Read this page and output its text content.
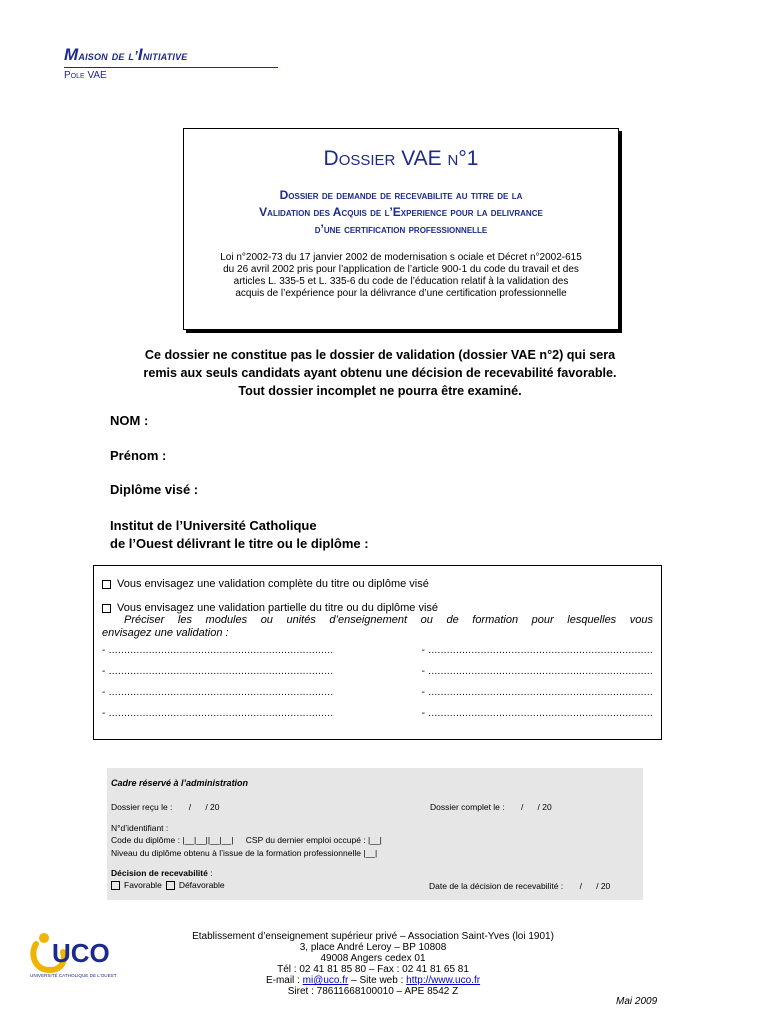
Maison de l’Initiative
Pole VAE
Dossier VAE n°1
Dossier de demande de recevabilite au titre de la
Validation des Acquis de l’Experience pour la delivrance
d’une certification professionnelle
Loi n°2002-73 du 17 janvier 2002 de modernisation s ociale et Décret n°2002-615
du 26 avril 2002 pris pour l’application de l’article 900-1 du code du travail et des
articles L. 335-5 et L. 335-6 du code de l’éducation relatif à la validation des
acquis de l’expérience pour la délivrance d’une certification professionnelle
Ce dossier ne constitue pas le dossier de validation (dossier VAE n°2) qui sera
remis aux seuls candidats ayant obtenu une décision de recevabilité favorable.
Tout dossier incomplet ne pourra être examiné.
NOM :
Prénom :
Diplôme visé :
Institut de l’Université Catholique
de l’Ouest délivrant le titre ou le diplôme :
Vous envisagez une validation complète du titre ou diplôme visé
Vous envisagez une validation partielle du titre ou du diplôme visé
Préciser les modules ou unités d’enseignement ou de formation pour lesquelles vous
envisagez une validation :
- .........................................................................	- .........................................................................
- .........................................................................	- .........................................................................
- .........................................................................	- .........................................................................
- .........................................................................	- .........................................................................
Cadre réservé à l’administration
Dossier reçu le : /      / 20	Dossier complet le : /      / 20
N°d’identifiant :
Code du diplôme : |__|__||__|__| CSP du dernier emploi occupé : |__|
Niveau du diplôme obtenu à l’issue de la formation professionnelle |__|
Décision de recevabilité :
Favorable Défavorable	Date de la décision de recevabilité : /      / 20
UCO
UNIVERSITÉ CATHOLIQUE DE L'OUEST
Etablissement d’enseignement supérieur privé – Association Saint-Yves (loi 1901)
3, place André Leroy – BP 10808
49008 Angers cedex 01
Tél : 02 41 81 85 80 – Fax : 02 41 81 65 81
E-mail : mi@uco.fr – Site web : http://www.uco.fr
Siret : 78611668100010 – APE 8542 Z
Mai 2009
